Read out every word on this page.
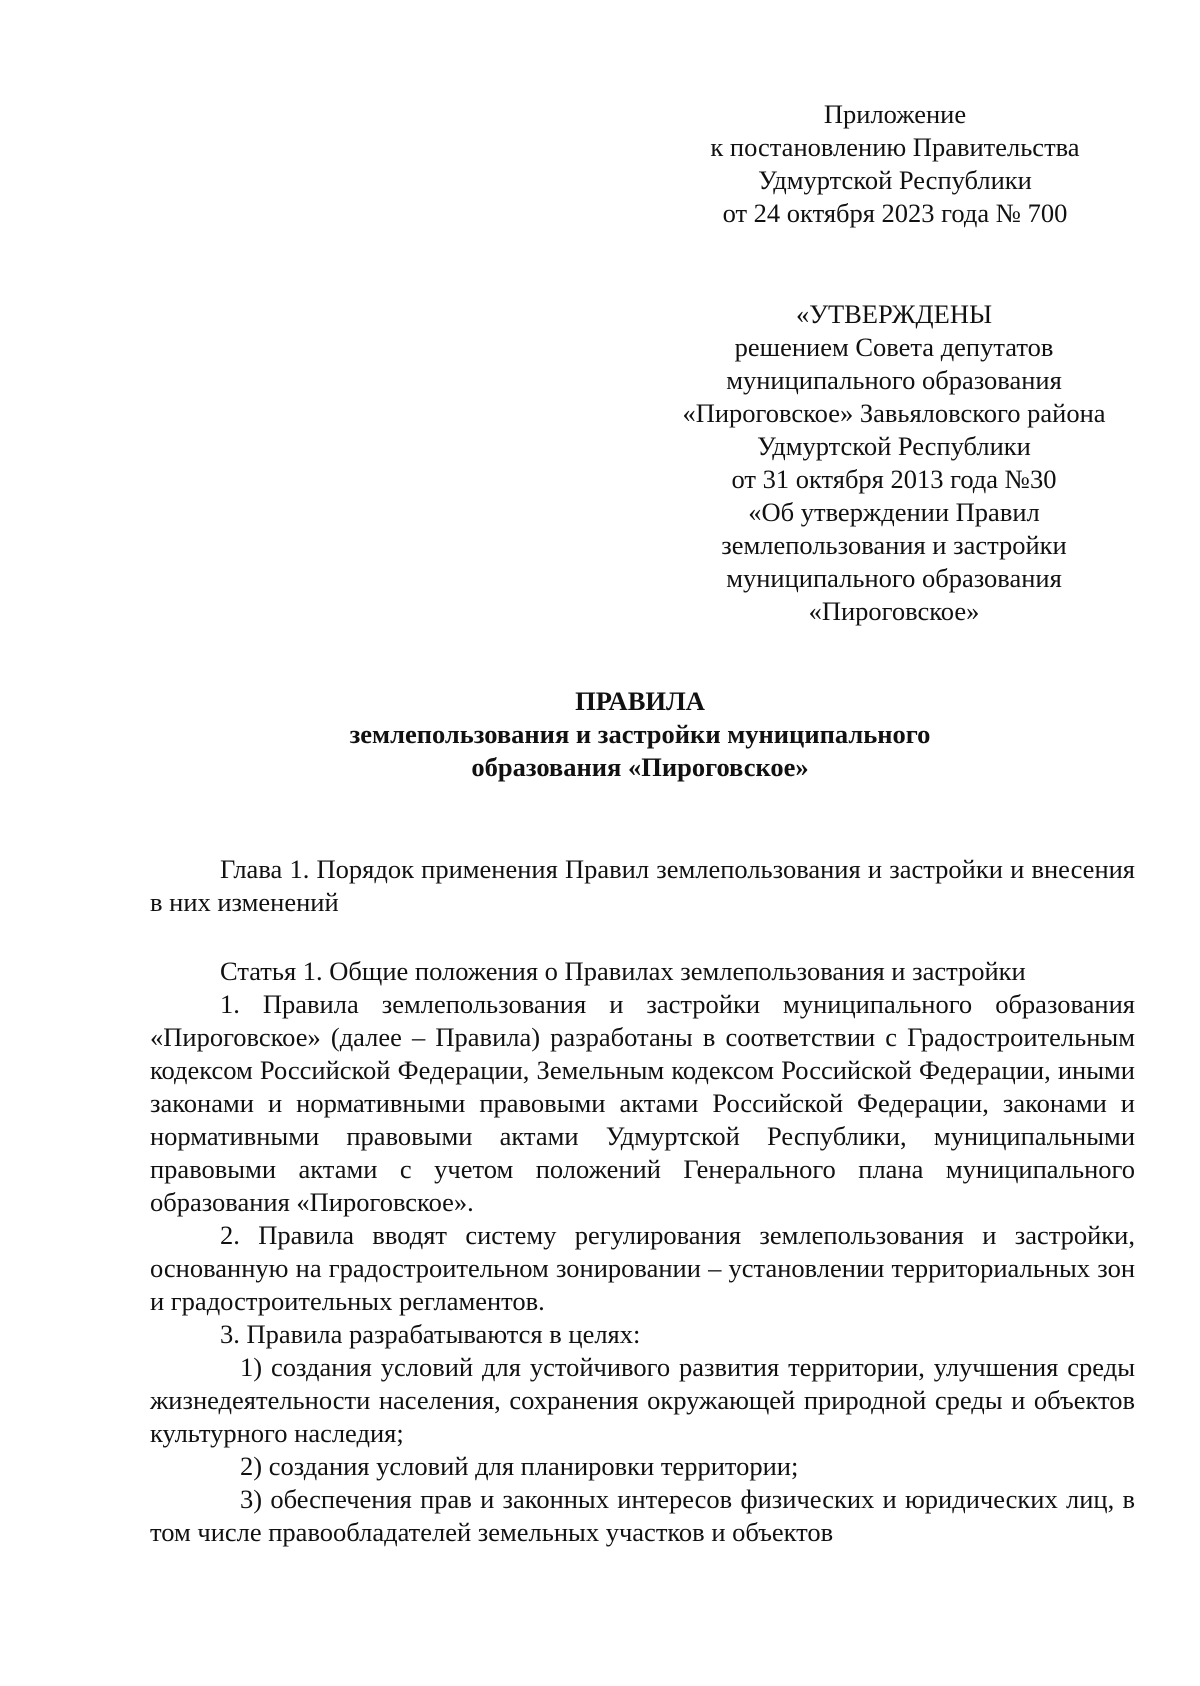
Приложение
к постановлению Правительства
Удмуртской Республики
от 24 октября 2023 года № 700
«УТВЕРЖДЕНЫ
решением Совета депутатов
муниципального образования
«Пироговское» Завьяловского района
Удмуртской Республики
от 31 октября 2013 года №30
«Об утверждении Правил
землепользования и застройки
муниципального образования
«Пироговское»
ПРАВИЛА
землепользования и застройки муниципального
образования «Пироговское»

Глава 1. Порядок применения Правил землепользования и застройки и внесения в них изменений

Статья 1. Общие положения о Правилах землепользования и застройки

1. Правила землепользования и застройки муниципального образования «Пироговское» (далее – Правила) разработаны в соответствии с Градостроительным кодексом Российской Федерации, Земельным кодексом Российской Федерации, иными законами и нормативными правовыми актами Российской Федерации, законами и нормативными правовыми актами Удмуртской Республики, муниципальными правовыми актами с учетом положений Генерального плана муниципального образования «Пироговское».

2. Правила вводят систему регулирования землепользования и застройки, основанную на градостроительном зонировании – установлении территориальных зон и градостроительных регламентов.

3. Правила разрабатываются в целях:

1) создания условий для устойчивого развития территории, улучшения среды жизнедеятельности населения, сохранения окружающей природной среды и объектов культурного наследия;

2) создания условий для планировки территории;

3) обеспечения прав и законных интересов физических и юридических лиц, в том числе правообладателей земельных участков и объектов
